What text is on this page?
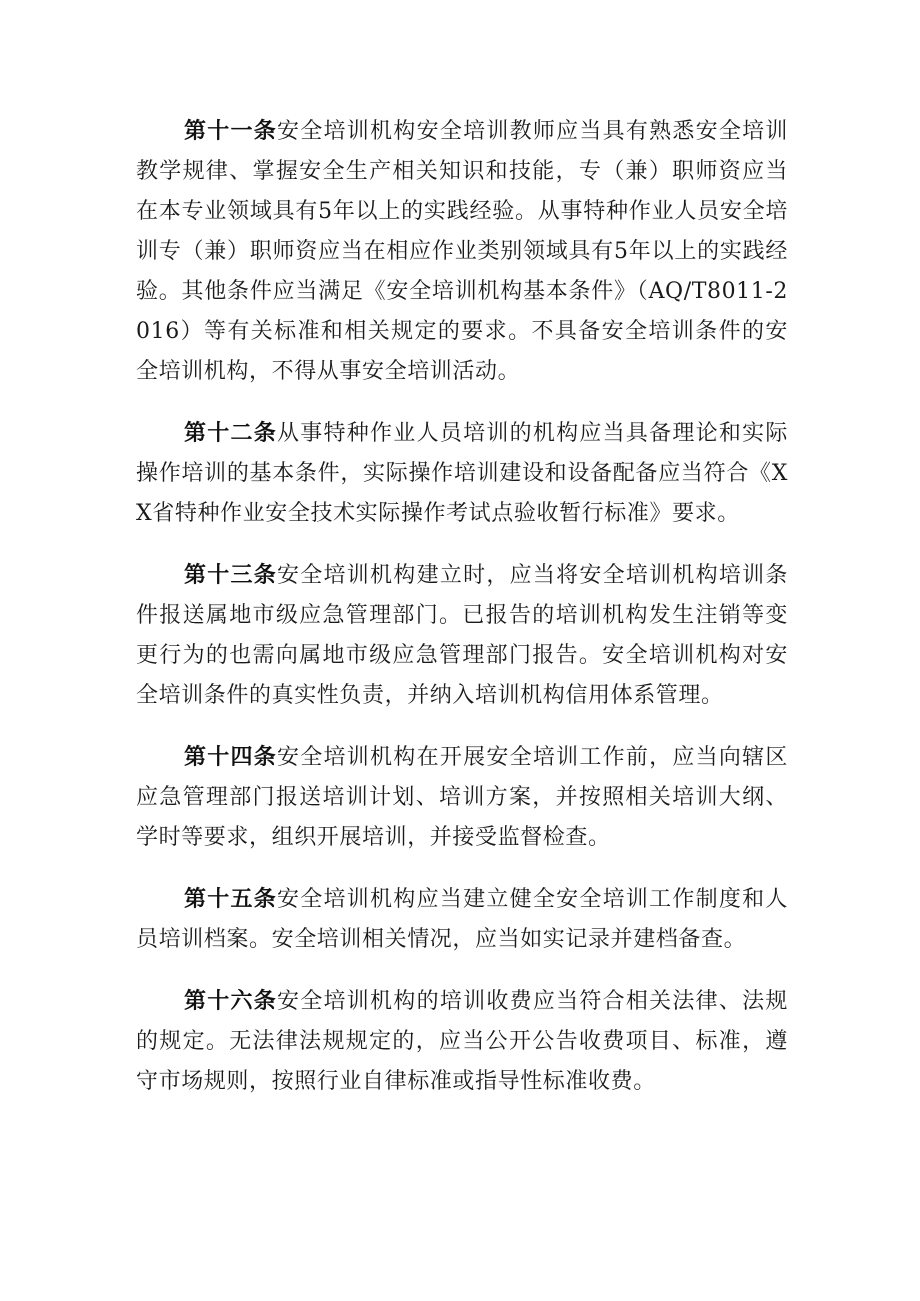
第十一条安全培训机构安全培训教师应当具有熟悉安全培训教学规律、掌握安全生产相关知识和技能，专（兼）职师资应当在本专业领域具有5年以上的实践经验。从事特种作业人员安全培训专（兼）职师资应当在相应作业类别领域具有5年以上的实践经验。其他条件应当满足《安全培训机构基本条件》（AQ/T8011-2016）等有关标准和相关规定的要求。不具备安全培训条件的安全培训机构，不得从事安全培训活动。

第十二条从事特种作业人员培训的机构应当具备理论和实际操作培训的基本条件，实际操作培训建设和设备配备应当符合《XX省特种作业安全技术实际操作考试点验收暂行标准》要求。

第十三条安全培训机构建立时，应当将安全培训机构培训条件报送属地市级应急管理部门。已报告的培训机构发生注销等变更行为的也需向属地市级应急管理部门报告。安全培训机构对安全培训条件的真实性负责，并纳入培训机构信用体系管理。

第十四条安全培训机构在开展安全培训工作前，应当向辖区应急管理部门报送培训计划、培训方案，并按照相关培训大纲、学时等要求，组织开展培训，并接受监督检查。

第十五条安全培训机构应当建立健全安全培训工作制度和人员培训档案。安全培训相关情况，应当如实记录并建档备查。

第十六条安全培训机构的培训收费应当符合相关法律、法规的规定。无法律法规规定的，应当公开公告收费项目、标准，遵守市场规则，按照行业自律标准或指导性标准收费。
